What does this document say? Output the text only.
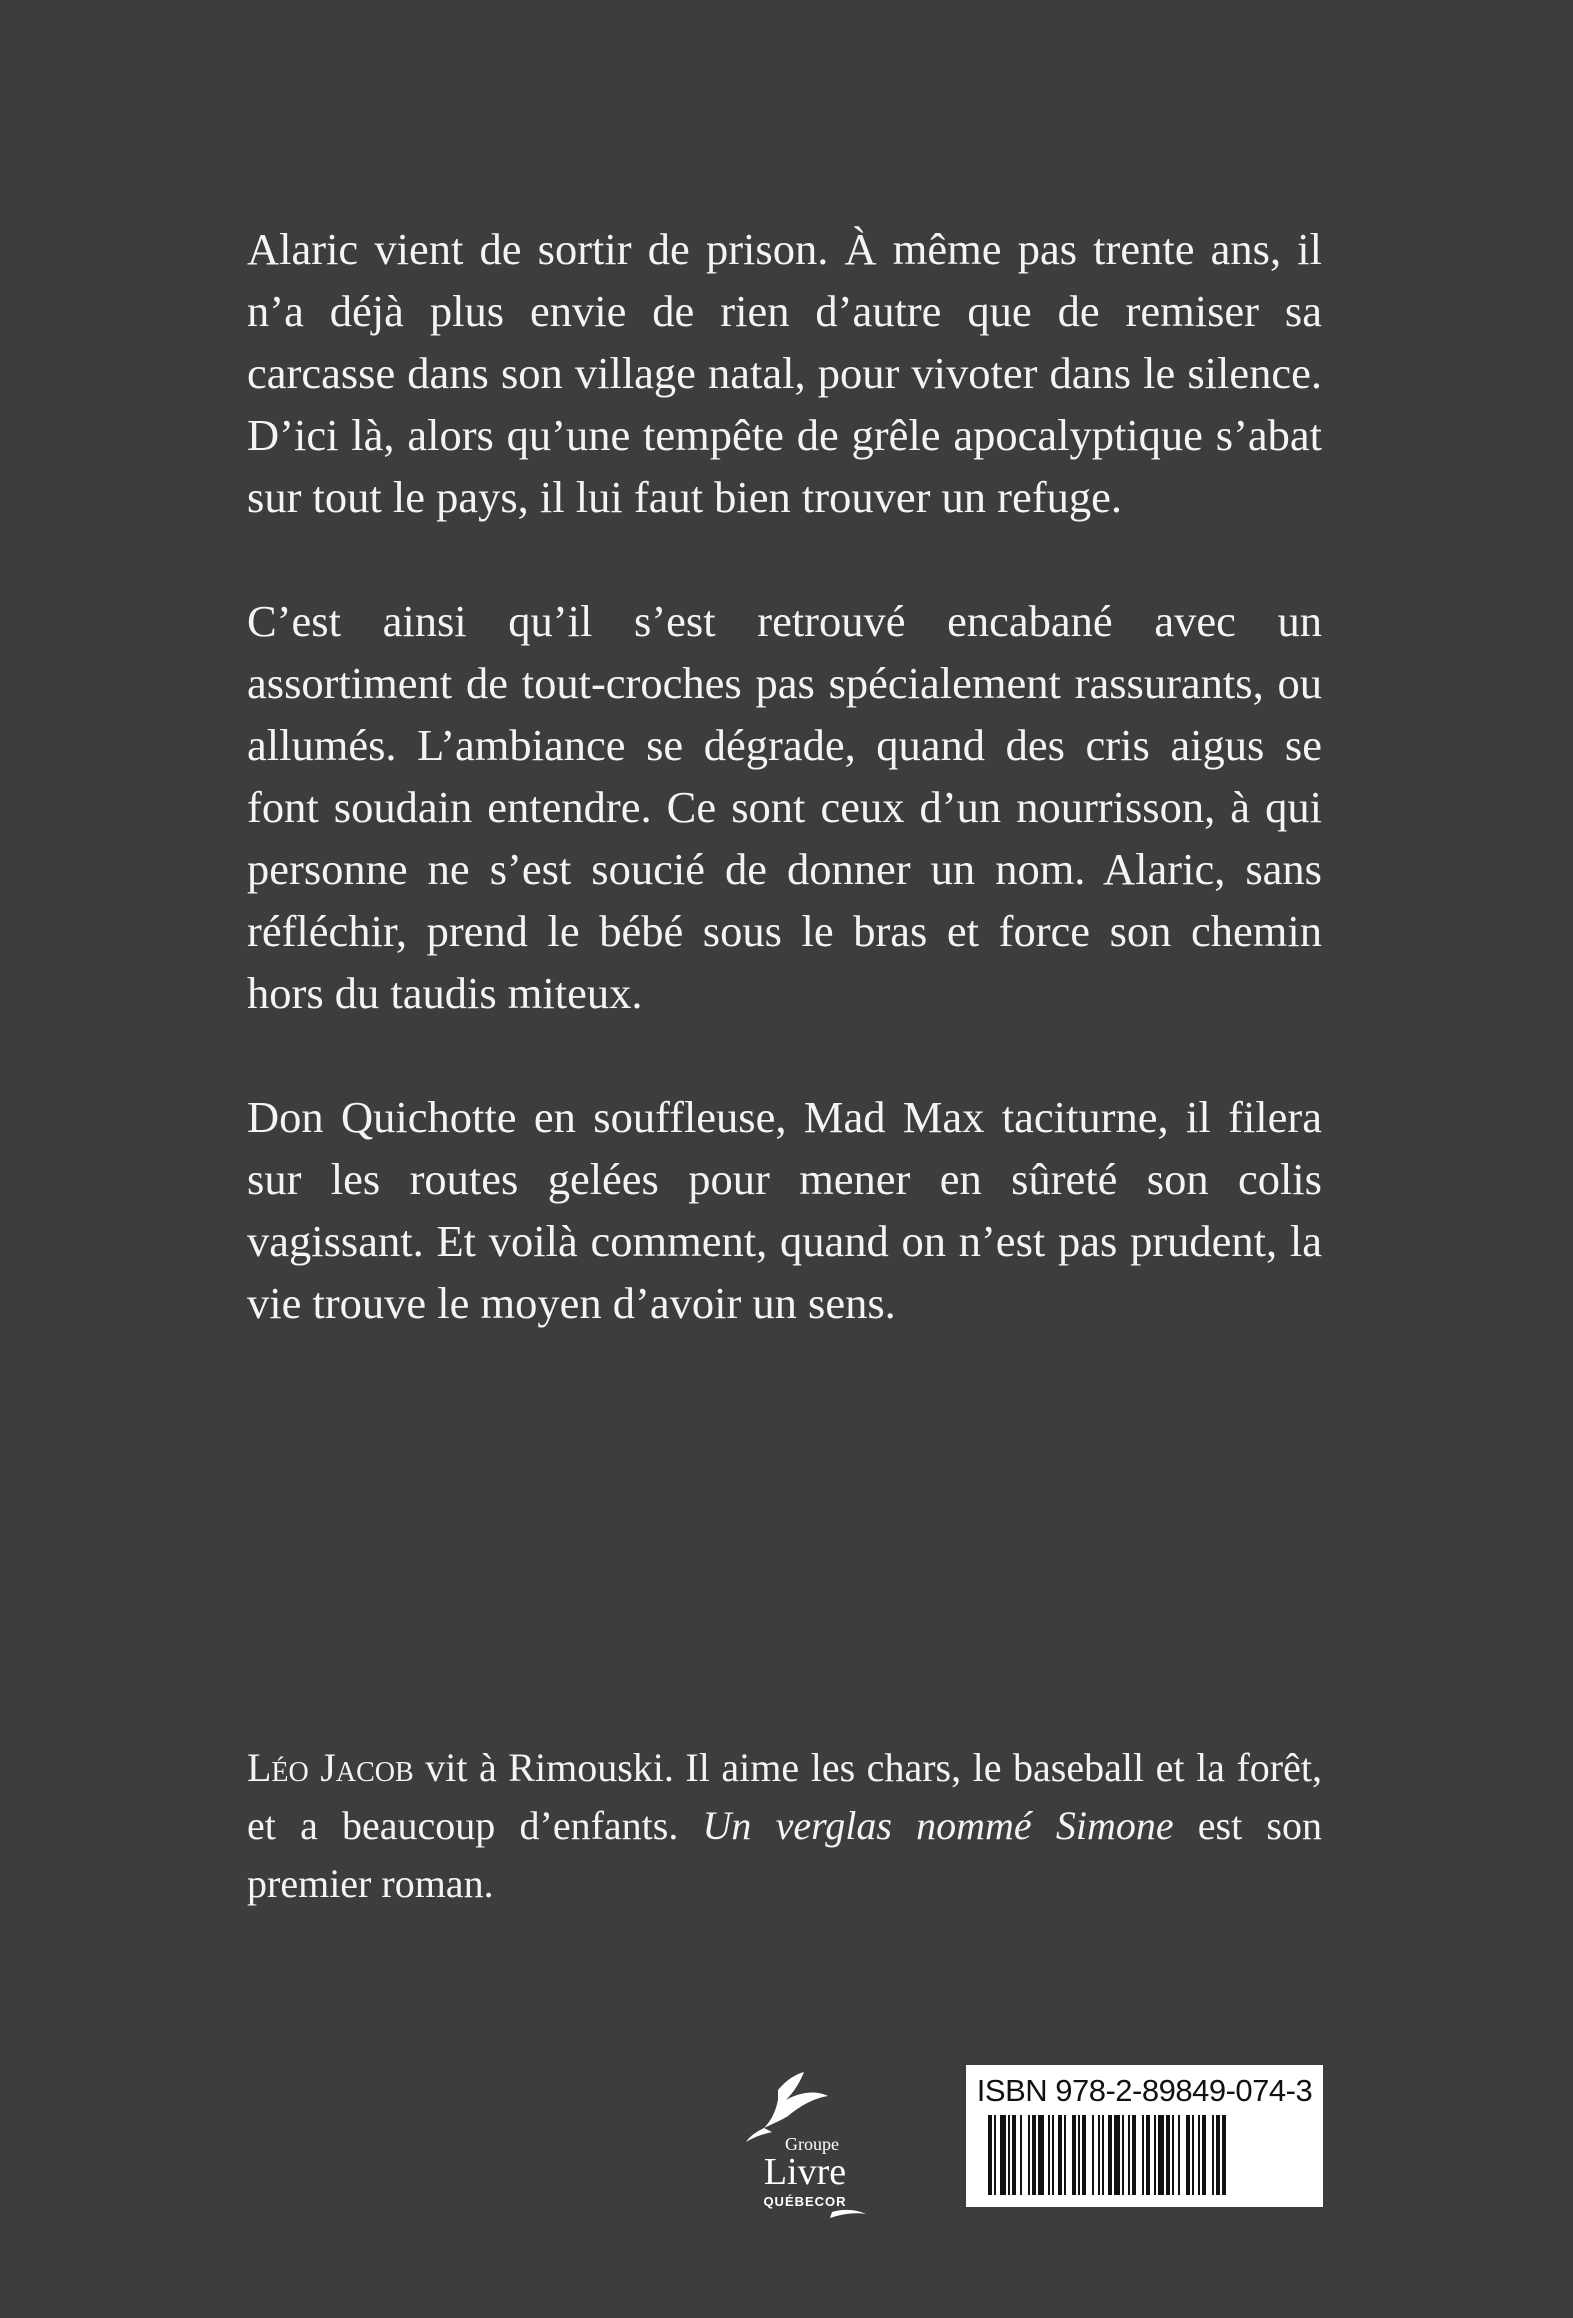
Alaric vient de sortir de prison. À même pas trente ans, il n’a déjà plus envie de rien d’autre que de remiser sa carcasse dans son village natal, pour vivoter dans le silence. D’ici là, alors qu’une tempête de grêle apocalyptique s’abat sur tout le pays, il lui faut bien trouver un refuge.

C’est ainsi qu’il s’est retrouvé encabané avec un assortiment de tout-croches pas spécialement rassurants, ou allumés. L’ambiance se dégrade, quand des cris aigus se font soudain entendre. Ce sont ceux d’un nourrisson, à qui personne ne s’est soucié de donner un nom. Alaric, sans réfléchir, prend le bébé sous le bras et force son chemin hors du taudis miteux.

Don Quichotte en souffleuse, Mad Max taciturne, il filera sur les routes gelées pour mener en sûreté son colis vagissant. Et voilà comment, quand on n’est pas prudent, la vie trouve le moyen d’avoir un sens.

Léo Jacob vit à Rimouski. Il aime les chars, le baseball et la forêt, et a beaucoup d’enfants. Un verglas nommé Simone est son premier roman.

Groupe
Livre
QUÉBECOR
ISBN 978-2-89849-074-3
